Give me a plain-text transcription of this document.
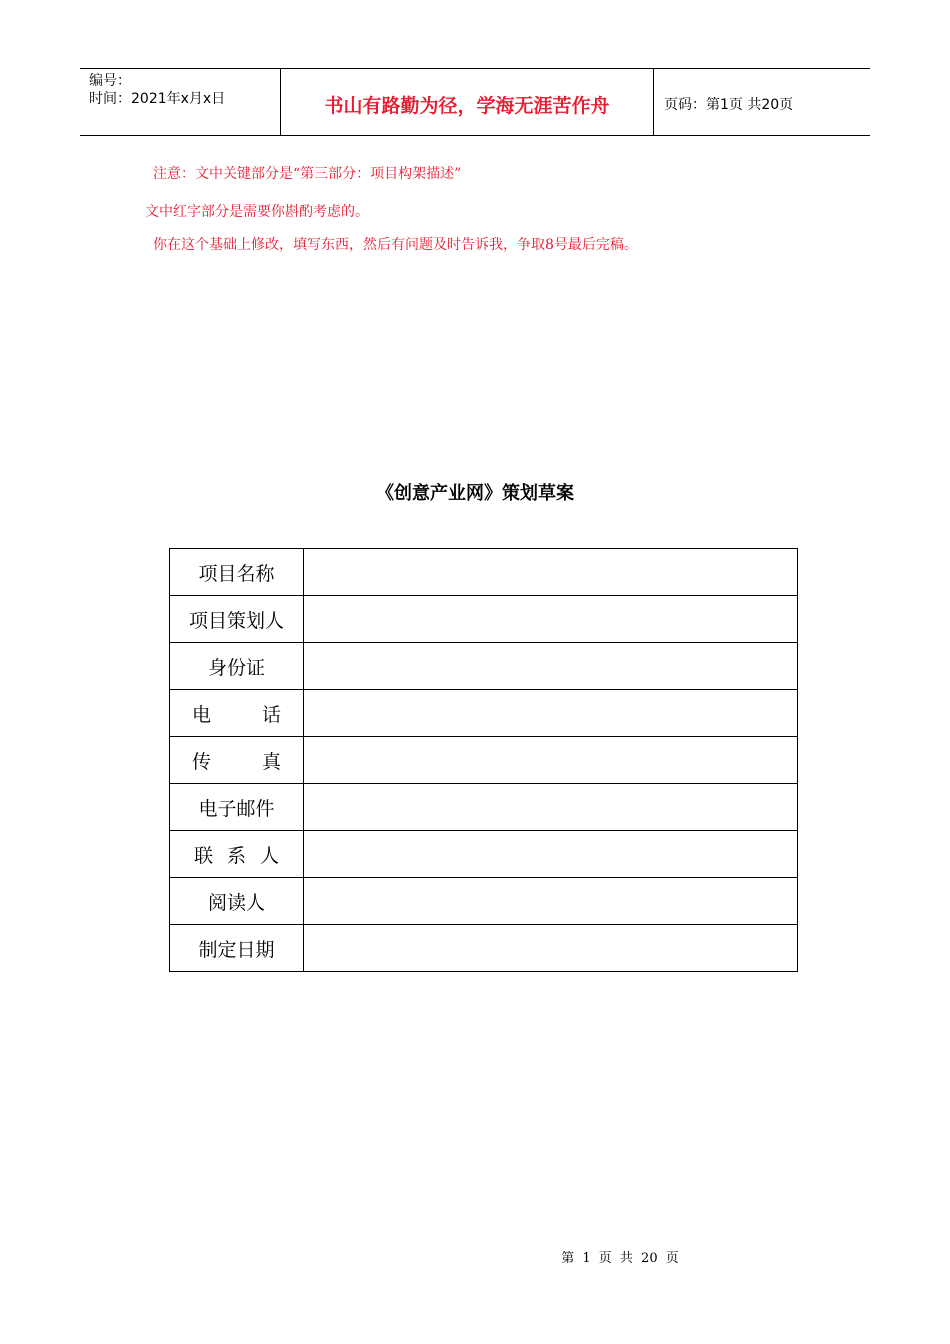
编号：
时间：2021年x月x日	书山有路勤为径，学海无涯苦作舟	页码：第1页 共20页
注意：文中关键部分是“第三部分：项目构架描述”
文中红字部分是需要你斟酌考虑的。
你在这个基础上修改，填写东西，然后有问题及时告诉我，争取8号最后完稿。
《创意产业网》策划草案
项目名称	
项目策划人	
身份证	
电　话	
传　真	
电子邮件	
联系人	
阅读人	
制定日期	
第 1 页 共 20 页
